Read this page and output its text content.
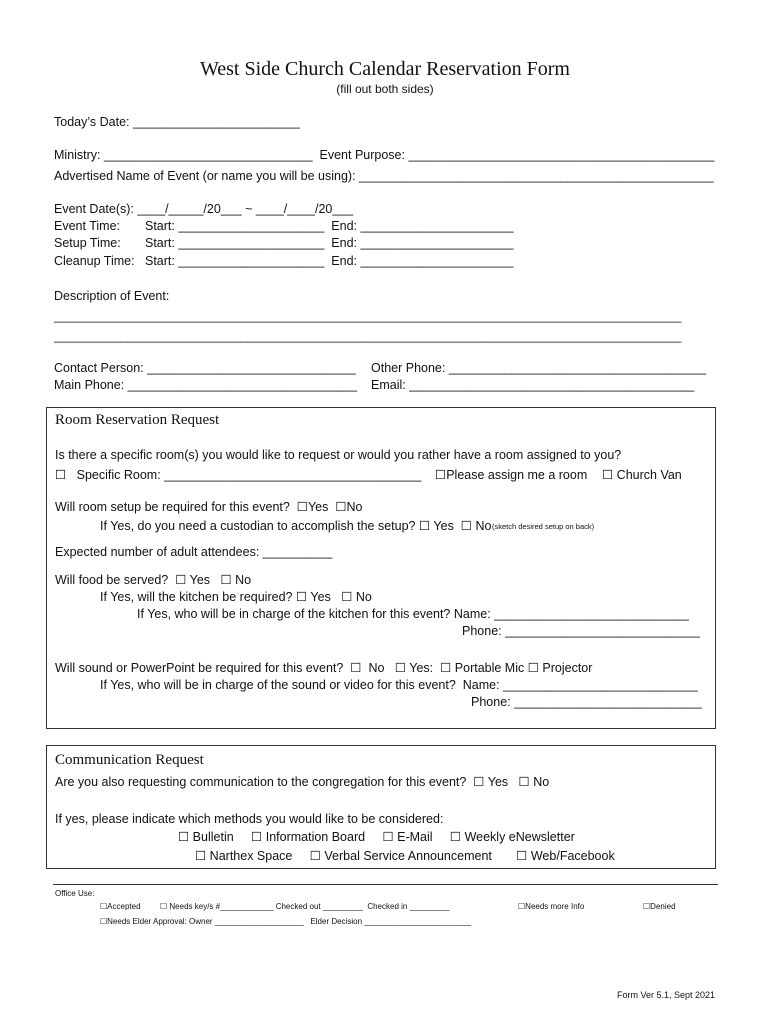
West Side Church Calendar Reservation Form
(fill out both sides)
Today’s Date: ________________________
Ministry: ______________________________  Event Purpose: ____________________________________________
Advertised Name of Event (or name you will be using): ___________________________________________________
Event Date(s): ____/_____/20___ ~ ____/____/20___
Event Time: Start: _____________________  End: ______________________
Setup Time: Start: _____________________  End: ______________________
Cleanup Time: Start: _____________________  End: ______________________
Description of Event:
______________________________________________________________________________________________
______________________________________________________________________________________________
Contact Person: ______________________________ Other Phone: _____________________________________
Main Phone: _________________________________ Email: _________________________________________
Room Reservation Request
Is there a specific room(s) you would like to request or would you rather have a room assigned to you?
☐   Specific Room: _____________________________________ ☐Please assign me a room ☐ Church Van
Will room setup be required for this event?  ☐Yes  ☐No
If Yes, do you need a custodian to accomplish the setup? ☐ Yes  ☐ No (sketch desired setup on back)
Expected number of adult attendees: __________
Will food be served?  ☐ Yes   ☐ No
If Yes, will the kitchen be required? ☐ Yes   ☐ No
If Yes, who will be in charge of the kitchen for this event? Name: ____________________________
Phone: ____________________________
Will sound or PowerPoint be required for this event?  ☐  No   ☐ Yes:  ☐ Portable Mic ☐ Projector
If Yes, who will be in charge of the sound or video for this event?  Name: ____________________________
Phone: ___________________________
Communication Request
Are you also requesting communication to the congregation for this event?  ☐ Yes   ☐ No
If yes, please indicate which methods you would like to be considered:
☐ Bulletin     ☐ Information Board     ☐ E-Mail     ☐ Weekly eNewsletter
☐ Narthex Space     ☐ Verbal Service Announcement       ☐ Web/Facebook
Office Use:
☐Accepted ☐ Needs key/s #____________ Checked out _________  Checked in _________	☐Needs more Info	☐Denied
☐Needs Elder Approval: Owner ____________________   Elder Decision ________________________
Form Ver 5.1, Sept 2021
